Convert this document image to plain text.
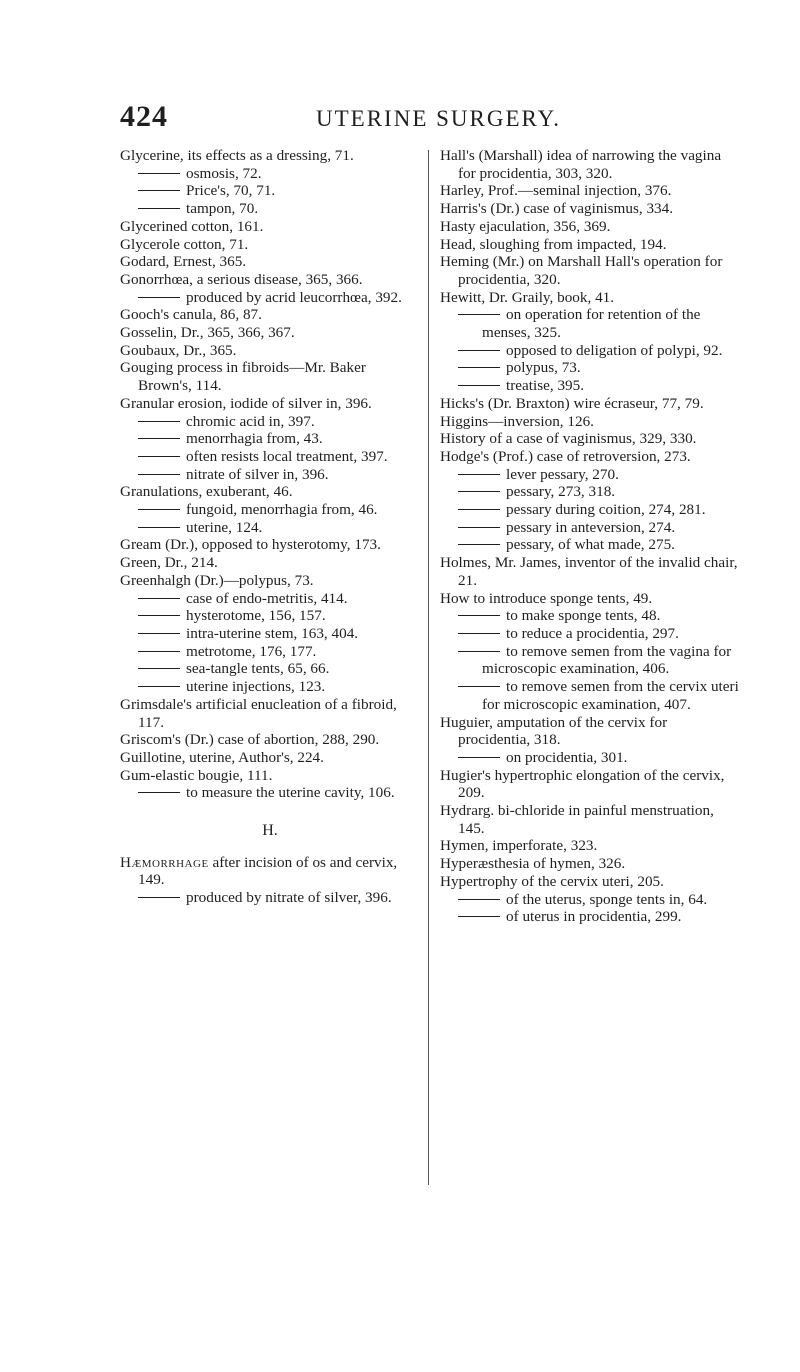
424	UTERINE SURGERY.
Glycerine, its effects as a dressing, 71.
osmosis, 72.
Price's, 70, 71.
tampon, 70.
Glycerined cotton, 161.
Glycerole cotton, 71.
Godard, Ernest, 365.
Gonorrhœa, a serious disease, 365, 366.
produced by acrid leucorrhœa, 392.
Gooch's canula, 86, 87.
Gosselin, Dr., 365, 366, 367.
Goubaux, Dr., 365.
Gouging process in fibroids—Mr. Baker Brown's, 114.
Granular erosion, iodide of silver in, 396.
chromic acid in, 397.
menorrhagia from, 43.
often resists local treatment, 397.
nitrate of silver in, 396.
Granulations, exuberant, 46.
fungoid, menorrhagia from, 46.
uterine, 124.
Gream (Dr.), opposed to hysterotomy, 173.
Green, Dr., 214.
Greenhalgh (Dr.)—polypus, 73.
case of endo-metritis, 414.
hysterotome, 156, 157.
intra-uterine stem, 163, 404.
metrotome, 176, 177.
sea-tangle tents, 65, 66.
uterine injections, 123.
Grimsdale's artificial enucleation of a fibroid, 117.
Griscom's (Dr.) case of abortion, 288, 290.
Guillotine, uterine, Author's, 224.
Gum-elastic bougie, 111.
to measure the uterine cavity, 106.
H.
Hæmorrhage after incision of os and cervix, 149.
produced by nitrate of silver, 396.
Hall's (Marshall) idea of narrowing the vagina for procidentia, 303, 320.
Harley, Prof.—seminal injection, 376.
Harris's (Dr.) case of vaginismus, 334.
Hasty ejaculation, 356, 369.
Head, sloughing from impacted, 194.
Heming (Mr.) on Marshall Hall's operation for procidentia, 320.
Hewitt, Dr. Graily, book, 41.
on operation for retention of the menses, 325.
opposed to deligation of polypi, 92.
polypus, 73.
treatise, 395.
Hicks's (Dr. Braxton) wire écraseur, 77, 79.
Higgins—inversion, 126.
History of a case of vaginismus, 329, 330.
Hodge's (Prof.) case of retroversion, 273.
lever pessary, 270.
pessary, 273, 318.
pessary during coition, 274, 281.
pessary in anteversion, 274.
pessary, of what made, 275.
Holmes, Mr. James, inventor of the invalid chair, 21.
How to introduce sponge tents, 49.
to make sponge tents, 48.
to reduce a procidentia, 297.
to remove semen from the vagina for microscopic examination, 406.
to remove semen from the cervix uteri for microscopic examination, 407.
Huguier, amputation of the cervix for procidentia, 318.
on procidentia, 301.
Hugier's hypertrophic elongation of the cervix, 209.
Hydrarg. bi-chloride in painful menstruation, 145.
Hymen, imperforate, 323.
Hyperæsthesia of hymen, 326.
Hypertrophy of the cervix uteri, 205.
of the uterus, sponge tents in, 64.
of uterus in procidentia, 299.
